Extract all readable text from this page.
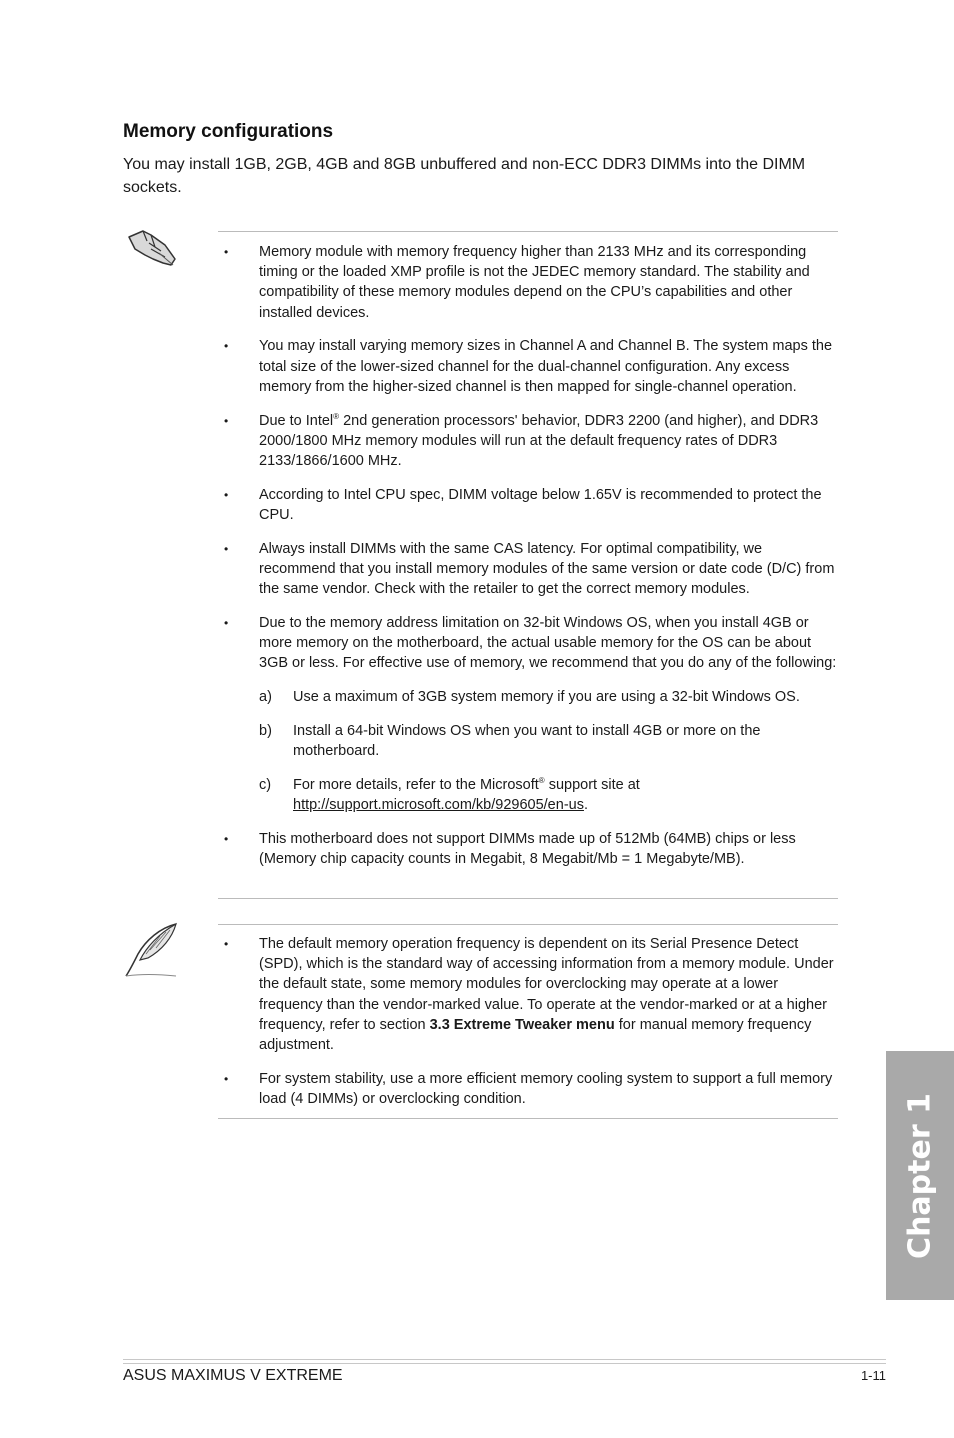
Memory configurations

You may install 1GB, 2GB, 4GB and 8GB unbuffered and non-ECC DDR3 DIMMs into the DIMM sockets.

• Memory module with memory frequency higher than 2133 MHz and its corresponding timing or the loaded XMP profile is not the JEDEC memory standard. The stability and compatibility of these memory modules depend on the CPU’s capabilities and other installed devices.
• You may install varying memory sizes in Channel A and Channel B. The system maps the total size of the lower-sized channel for the dual-channel configuration. Any excess memory from the higher-sized channel is then mapped for single-channel operation.
• Due to Intel® 2nd generation processors' behavior, DDR3 2200 (and higher), and DDR3 2000/1800 MHz memory modules will run at the default frequency rates of DDR3 2133/1866/1600 MHz.
• According to Intel CPU spec, DIMM voltage below 1.65V is recommended to protect the CPU.
• Always install DIMMs with the same CAS latency. For optimal compatibility, we recommend that you install memory modules of the same version or date code (D/C) from the same vendor. Check with the retailer to get the correct memory modules.
• Due to the memory address limitation on 32-bit Windows OS, when you install 4GB or more memory on the motherboard, the actual usable memory for the OS can be about 3GB or less. For effective use of memory, we recommend that you do any of the following:
a) Use a maximum of 3GB system memory if you are using a 32-bit Windows OS.
b) Install a 64-bit Windows OS when you want to install 4GB or more on the motherboard.
c) For more details, refer to the Microsoft® support site at http://support.microsoft.com/kb/929605/en-us.
• This motherboard does not support DIMMs made up of 512Mb (64MB) chips or less (Memory chip capacity counts in Megabit, 8 Megabit/Mb = 1 Megabyte/MB).
• The default memory operation frequency is dependent on its Serial Presence Detect (SPD), which is the standard way of accessing information from a memory module. Under the default state, some memory modules for overclocking may operate at a lower frequency than the vendor-marked value. To operate at the vendor-marked or at a higher frequency, refer to section 3.3 Extreme Tweaker menu for manual memory frequency adjustment.
• For system stability, use a more efficient memory cooling system to support a full memory load (4 DIMMs) or overclocking condition.	Chapter 1
ASUS MAXIMUS V EXTREME	1-11
